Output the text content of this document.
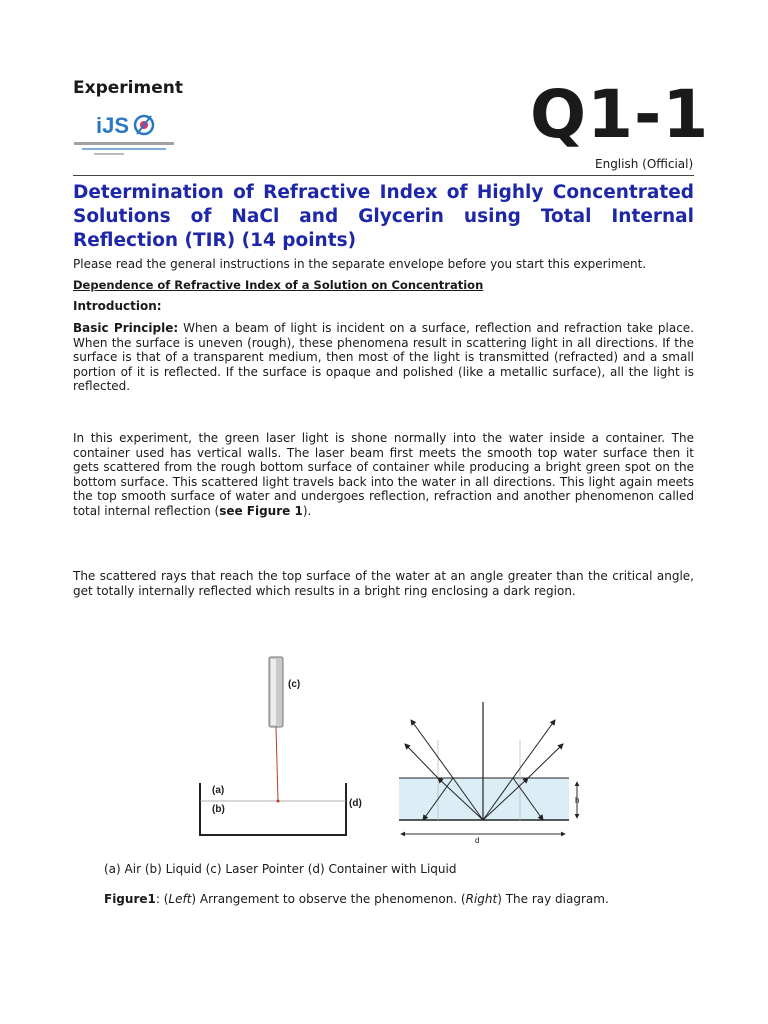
Experiment
iJS	Q1-1
English (Official)
Determination of Refractive Index of Highly Concentrated Solutions of NaCl and Glycerin using Total Internal Reflection (TIR) (14 points)
Please read the general instructions in the separate envelope before you start this experiment.
Dependence of Refractive Index of a Solution on Concentration
Introduction:
Basic Principle: When a beam of light is incident on a surface, reflection and refraction take place. When the surface is uneven (rough), these phenomena result in scattering light in all directions. If the surface is that of a transparent medium, then most of the light is transmitted (refracted) and a small portion of it is reflected. If the surface is opaque and polished (like a metallic surface), all the light is reflected.
In this experiment, the green laser light is shone normally into the water inside a container. The container used has vertical walls. The laser beam first meets the smooth top water surface then it gets scattered from the rough bottom surface of container while producing a bright green spot on the bottom surface. This scattered light travels back into the water in all directions. This light again meets the top smooth surface of water and undergoes reflection, refraction and another phenomenon called total internal reflection (see Figure 1).
The scattered rays that reach the top surface of the water at an angle greater than the critical angle, get totally internally reflected which results in a bright ring enclosing a dark region.
(c)
(a)
(b)
(d)	h
d
(a) Air (b) Liquid (c) Laser Pointer (d) Container with Liquid
Figure1: (Left) Arrangement to observe the phenomenon. (Right) The ray diagram.
